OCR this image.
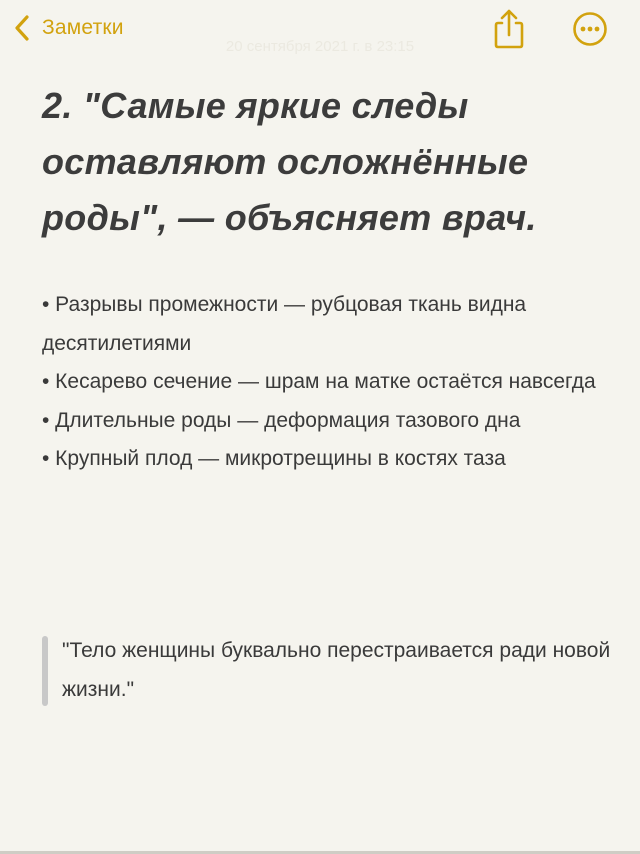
Заметки
20 сентября 2021 г. в 23:15
2. "Самые яркие следы оставляют осложнённые роды", — объясняет врач.
• Разрывы промежности — рубцовая ткань видна десятилетиями
• Кесарево сечение — шрам на матке остаётся навсегда
• Длительные роды — деформация тазового дна
• Крупный плод — микротрещины в костях таза
"Тело женщины буквально перестраивается ради новой жизни."
